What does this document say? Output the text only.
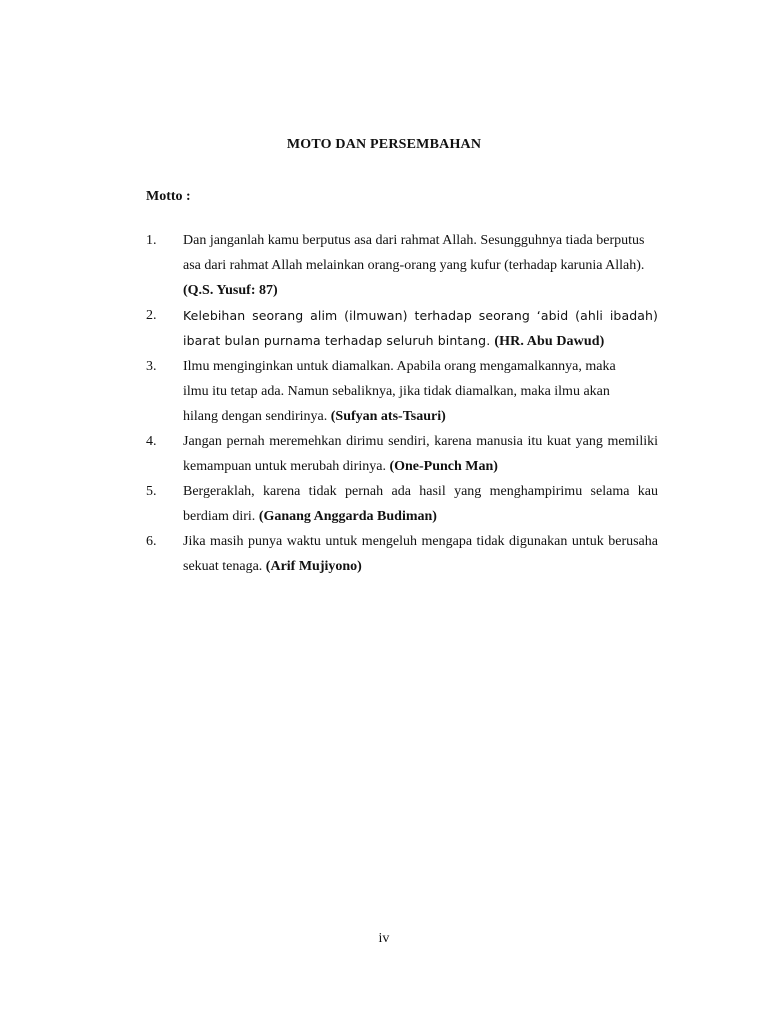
MOTO DAN PERSEMBAHAN
Motto :
1. Dan janganlah kamu berputus asa dari rahmat Allah. Sesungguhnya tiada berputus asa dari rahmat Allah melainkan orang-orang yang kufur (terhadap karunia Allah). (Q.S. Yusuf: 87)
2. Kelebihan seorang alim (ilmuwan) terhadap seorang ‘abid (ahli ibadah) ibarat bulan purnama terhadap seluruh bintang. (HR. Abu Dawud)
3. Ilmu menginginkan untuk diamalkan. Apabila orang mengamalkannya, maka ilmu itu tetap ada. Namun sebaliknya, jika tidak diamalkan, maka ilmu akan hilang dengan sendirinya. (Sufyan ats-Tsauri)
4. Jangan pernah meremehkan dirimu sendiri, karena manusia itu kuat yang memiliki kemampuan untuk merubah dirinya. (One-Punch Man)
5. Bergeraklah, karena tidak pernah ada hasil yang menghampirimu selama kau berdiam diri. (Ganang Anggarda Budiman)
6. Jika masih punya waktu untuk mengeluh mengapa tidak digunakan untuk berusaha sekuat tenaga. (Arif Mujiyono)
iv
